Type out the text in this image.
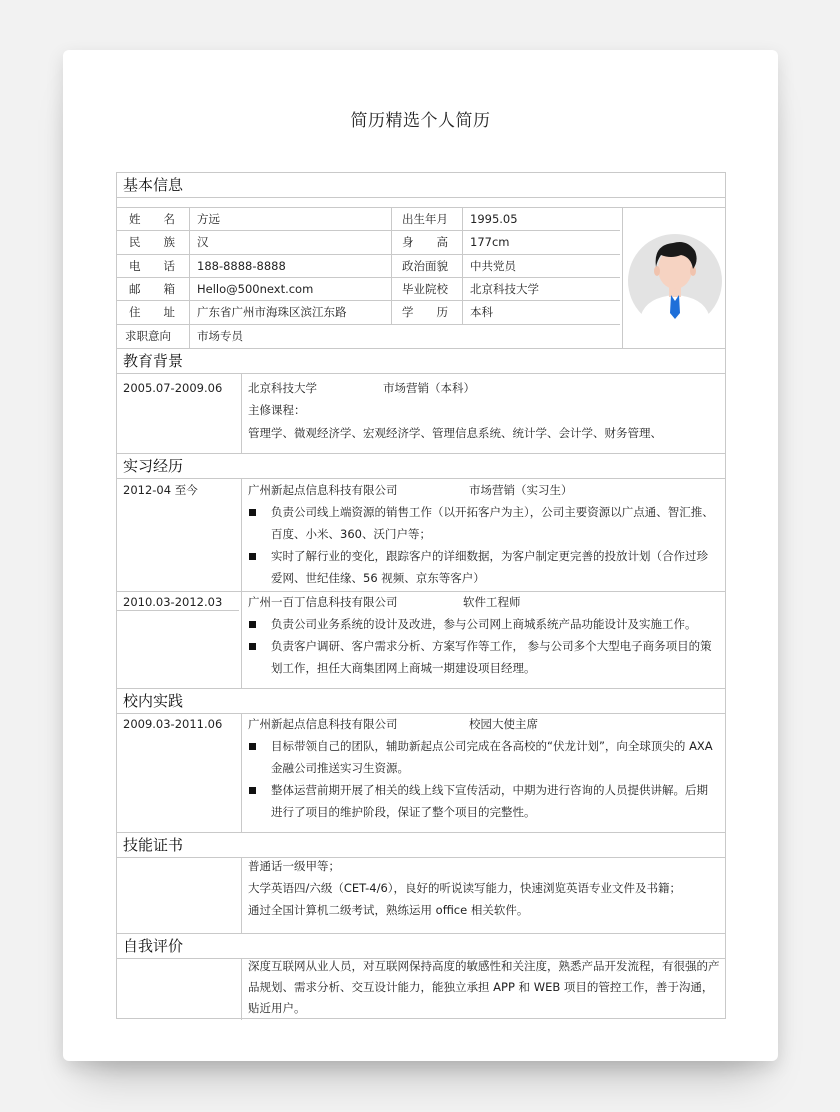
简历精选个人简历
基本信息
姓 名 方远	出生年月 1995.05
民 族 汉	身 高 177cm
电 话 188-8888-8888	政治面貌 中共党员
邮 箱 Hello@500next.com	毕业院校 北京科技大学
住 址 广东省广州市海珠区滨江东路	学 历 本科
求职意向 市场专员
教育背景
2005.07-2009.06 北京科技大学	市场营销（本科）
主修课程：
管理学、微观经济学、宏观经济学、管理信息系统、统计学、会计学、财务管理、
实习经历
2012-04 至今	广州新起点信息科技有限公司	市场营销（实习生）
负责公司线上端资源的销售工作（以开拓客户为主），公司主要资源以广点通、智汇推、
百度、小米、360、沃门户等；
实时了解行业的变化，跟踪客户的详细数据，为客户制定更完善的投放计划（合作过珍
爱网、世纪佳缘、56 视频、京东等客户）
2010.03-2012.03 广州一百丁信息科技有限公司	软件工程师
负责公司业务系统的设计及改进，参与公司网上商城系统产品功能设计及实施工作。
负责客户调研、客户需求分析、方案写作等工作， 参与公司多个大型电子商务项目的策
划工作，担任大商集团网上商城一期建设项目经理。
校内实践
2009.03-2011.06 广州新起点信息科技有限公司	校园大使主席
目标带领自己的团队，辅助新起点公司完成在各高校的“伏龙计划”，向全球顶尖的 AXA
金融公司推送实习生资源。
整体运营前期开展了相关的线上线下宣传活动，中期为进行咨询的人员提供讲解。后期
进行了项目的维护阶段，保证了整个项目的完整性。
技能证书
普通话一级甲等；
大学英语四/六级（CET-4/6），良好的听说读写能力，快速浏览英语专业文件及书籍；
通过全国计算机二级考试，熟练运用 office 相关软件。
自我评价
深度互联网从业人员，对互联网保持高度的敏感性和关注度，熟悉产品开发流程，有很强的产
品规划、需求分析、交互设计能力，能独立承担 APP 和 WEB 项目的管控工作，善于沟通，
贴近用户。
